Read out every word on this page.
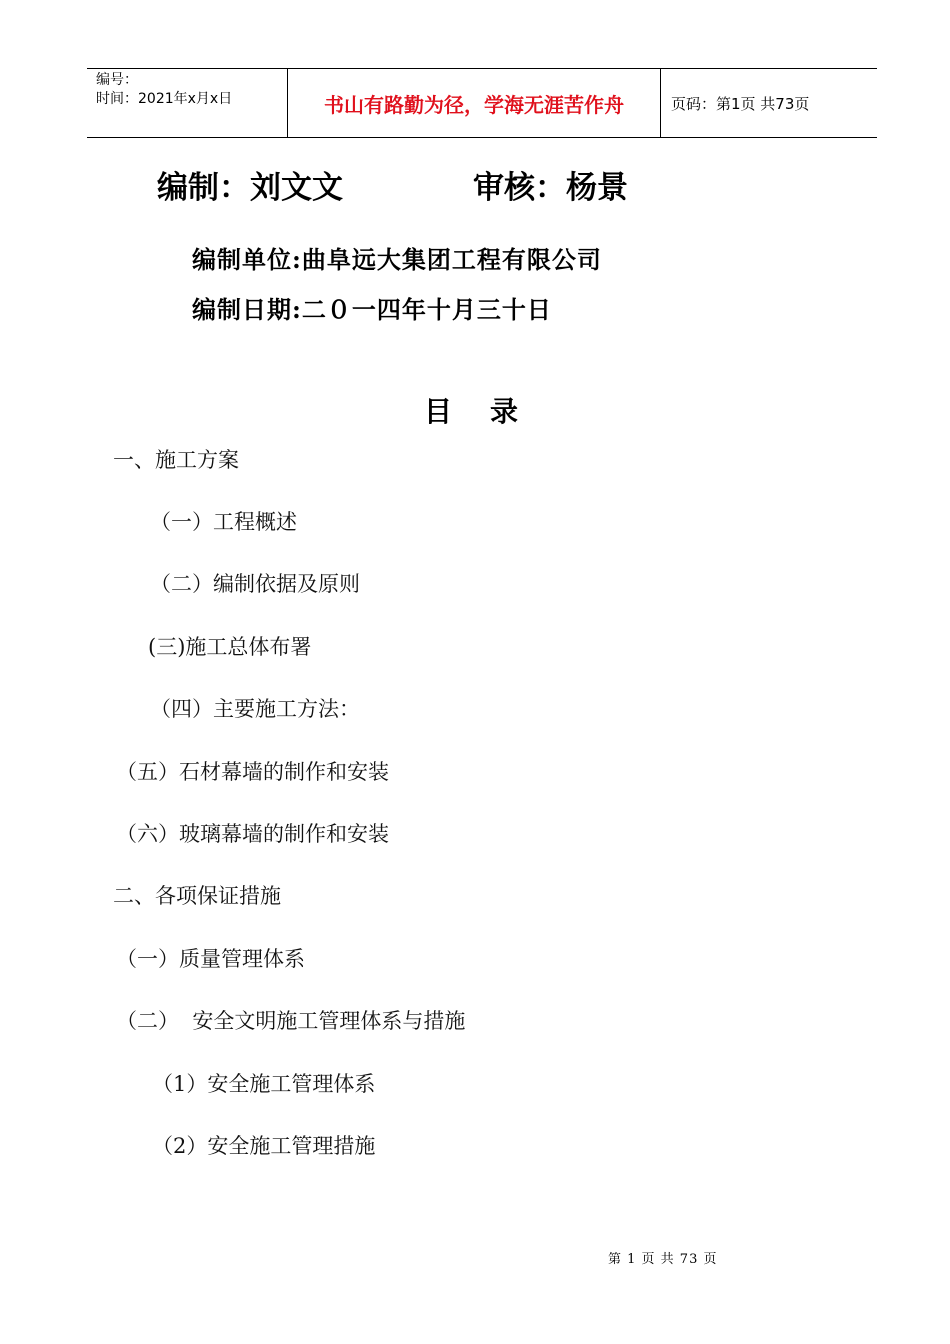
编号：
时间：2021年x月x日	书山有路勤为径，学海无涯苦作舟	页码：第1页 共73页
编制：刘文文	审核：杨景
编制单位:曲阜远大集团工程有限公司
编制日期:二０一四年十月三十日
目录
一、施工方案
（一）工程概述
（二）编制依据及原则
(三)施工总体布署
（四）主要施工方法：
（五）石材幕墙的制作和安装
（六）玻璃幕墙的制作和安装
二、各项保证措施
（一）质量管理体系
（二）  安全文明施工管理体系与措施
（1）安全施工管理体系
（2）安全施工管理措施
第 1 页 共 73 页
